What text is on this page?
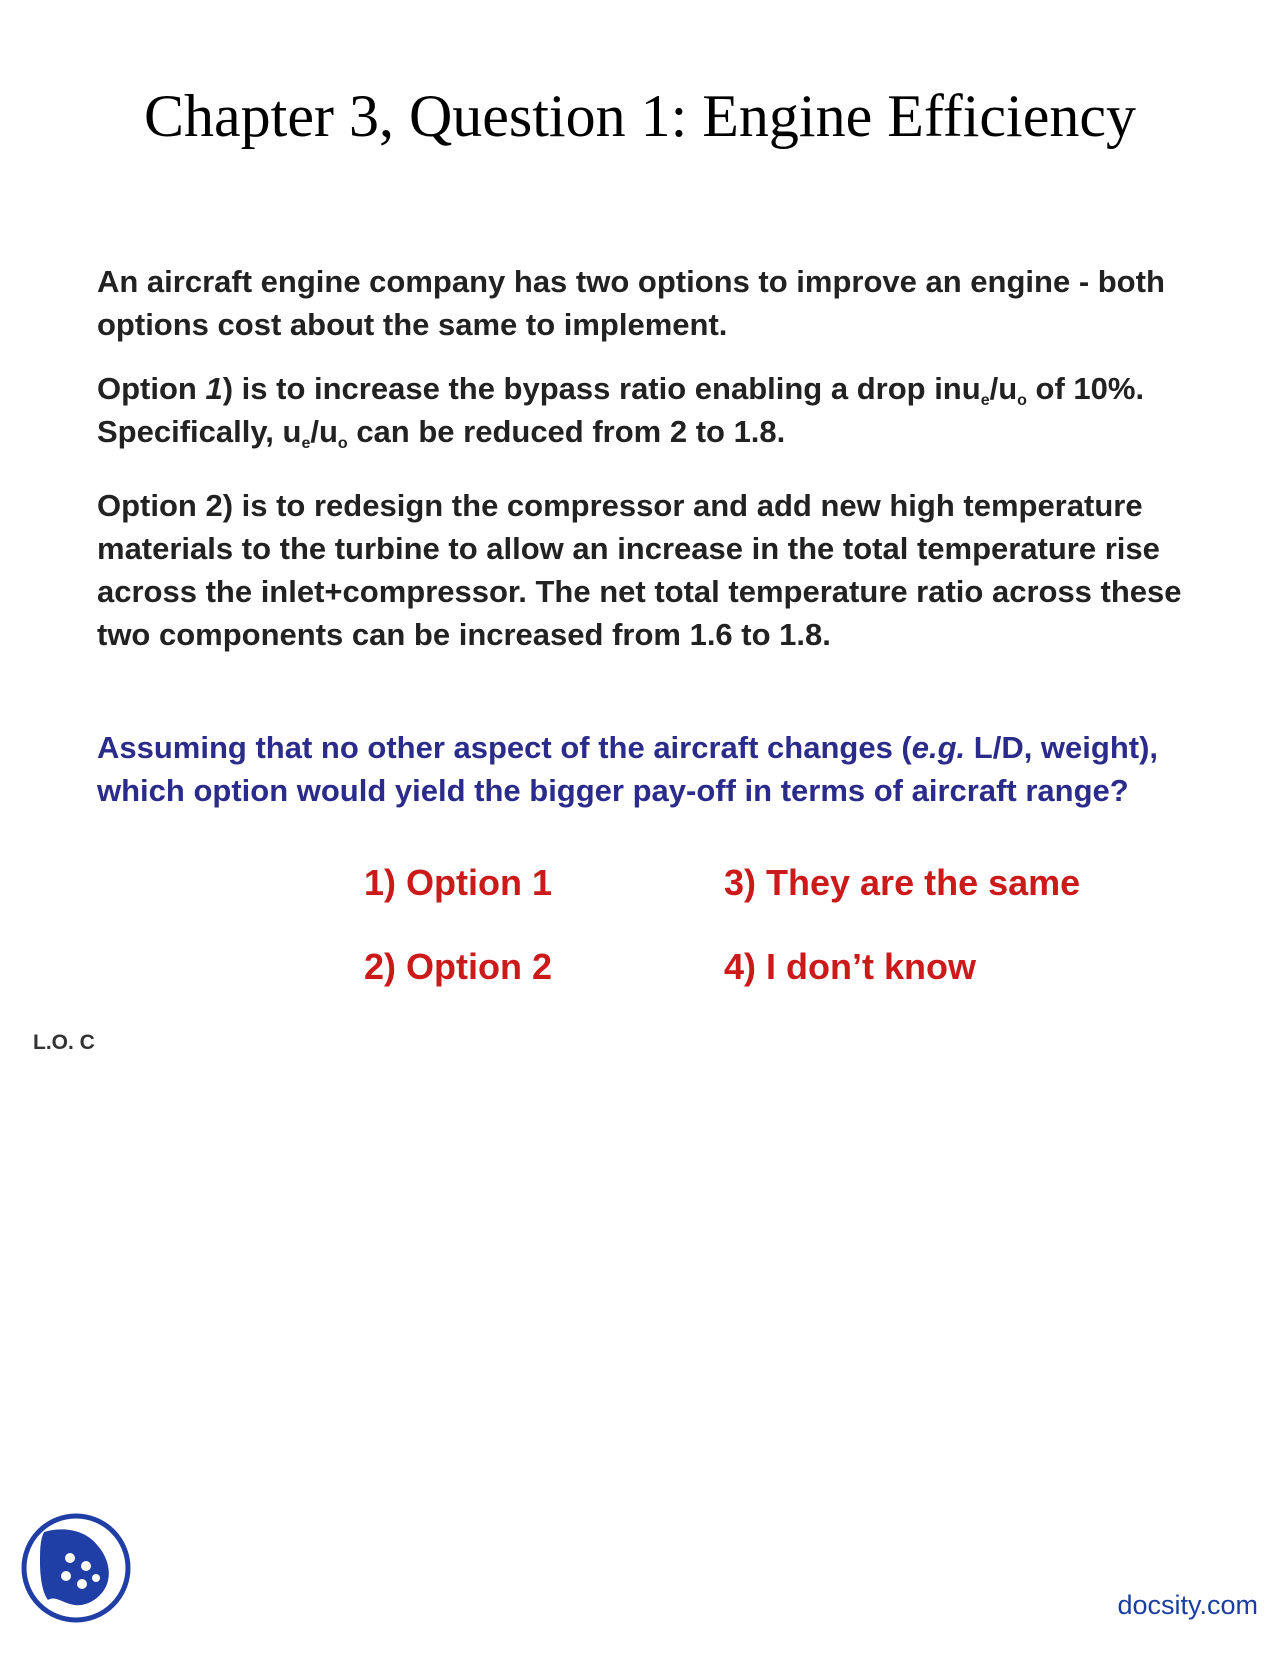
Chapter 3, Question 1: Engine Efficiency
An aircraft engine company has two options to improve an engine - both options cost about the same to implement.
Option 1) is to increase the bypass ratio enabling a drop $inu_e/u_o$ of 10%. Specifically, $u_e/u_o$ can be reduced from 2 to 1.8.
Option 2) is to redesign the compressor and add new high temperature materials to the turbine to allow an increase in the total temperature rise across the inlet+compressor. The net total temperature ratio across these two components can be increased from 1.6 to 1.8.
Assuming that no other aspect of the aircraft changes (e.g. L/D, weight), which option would yield the bigger pay-off in terms of aircraft range?
1) Option 1
2) Option 2
3) They are the same
4) I don’t know
L.O. C
docsity.com
